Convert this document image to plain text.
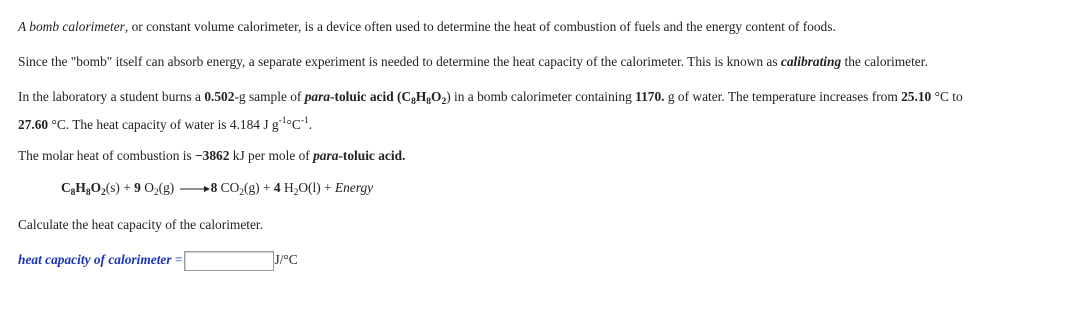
A bomb calorimeter, or constant volume calorimeter, is a device often used to determine the heat of combustion of fuels and the energy content of foods.
Since the "bomb" itself can absorb energy, a separate experiment is needed to determine the heat capacity of the calorimeter. This is known as calibrating the calorimeter.
In the laboratory a student burns a 0.502-g sample of para-toluic acid $(C_8H_8O_2)$ in a bomb calorimeter containing 1170. g of water. The temperature increases from 25.10 °C to
27.60 °C. The heat capacity of water is 4.184 J $g^{-1}^\circ C^{-1}$.
The molar heat of combustion is −3862 kJ per mole of para-toluic acid.
$C_8H_8O_2(s) + 9$ $O_2(g) \to 8$ $CO_2(g) + 4$ $H_2O(l)$ + Energy
Calculate the heat capacity of the calorimeter.
heat capacity of calorimeter =	J/°C
